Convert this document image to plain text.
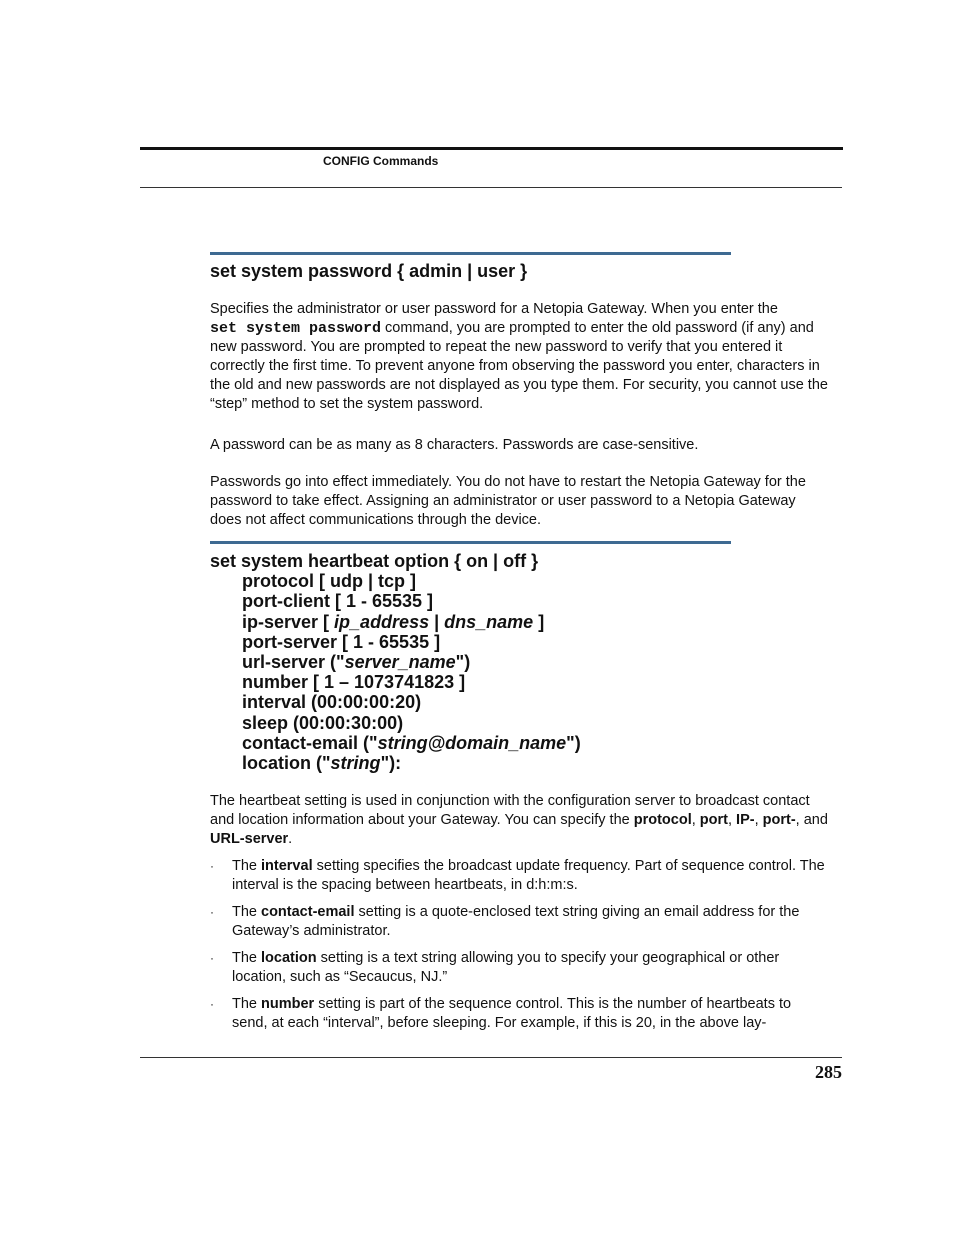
CONFIG Commands
set system password { admin | user }
Specifies the administrator or user password for a Netopia Gateway. When you enter the
set system password command, you are prompted to enter the old password (if any) and new password. You are prompted to repeat the new password to verify that you entered it correctly the first time. To prevent anyone from observing the password you enter, characters in the old and new passwords are not displayed as you type them. For security, you cannot use the “step” method to set the system password.
A password can be as many as 8 characters. Passwords are case-sensitive.
Passwords go into effect immediately. You do not have to restart the Netopia Gateway for the password to take effect. Assigning an administrator or user password to a Netopia Gateway does not affect communications through the device.
set system heartbeat option { on | off }
protocol [ udp | tcp ]
port-client [ 1 - 65535 ]
ip-server [ ip_address | dns_name ]
port-server [ 1 - 65535 ]
url-server ("server_name")
number [ 1 – 1073741823 ]
interval (00:00:00:20)
sleep (00:00:30:00)
contact-email ("string@domain_name")
location ("string"):
The heartbeat setting is used in conjunction with the configuration server to broadcast contact and location information about your Gateway. You can specify the protocol, port, IP-, port-, and URL-server.
· The interval setting specifies the broadcast update frequency. Part of sequence control. The interval is the spacing between heartbeats, in d:h:m:s.
· The contact-email setting is a quote-enclosed text string giving an email address for the Gateway’s administrator.
· The location setting is a text string allowing you to specify your geographical or other location, such as “Secaucus, NJ.”
· The number setting is part of the sequence control. This is the number of heartbeats to send, at each “interval”, before sleeping. For example, if this is 20, in the above lay-
285
